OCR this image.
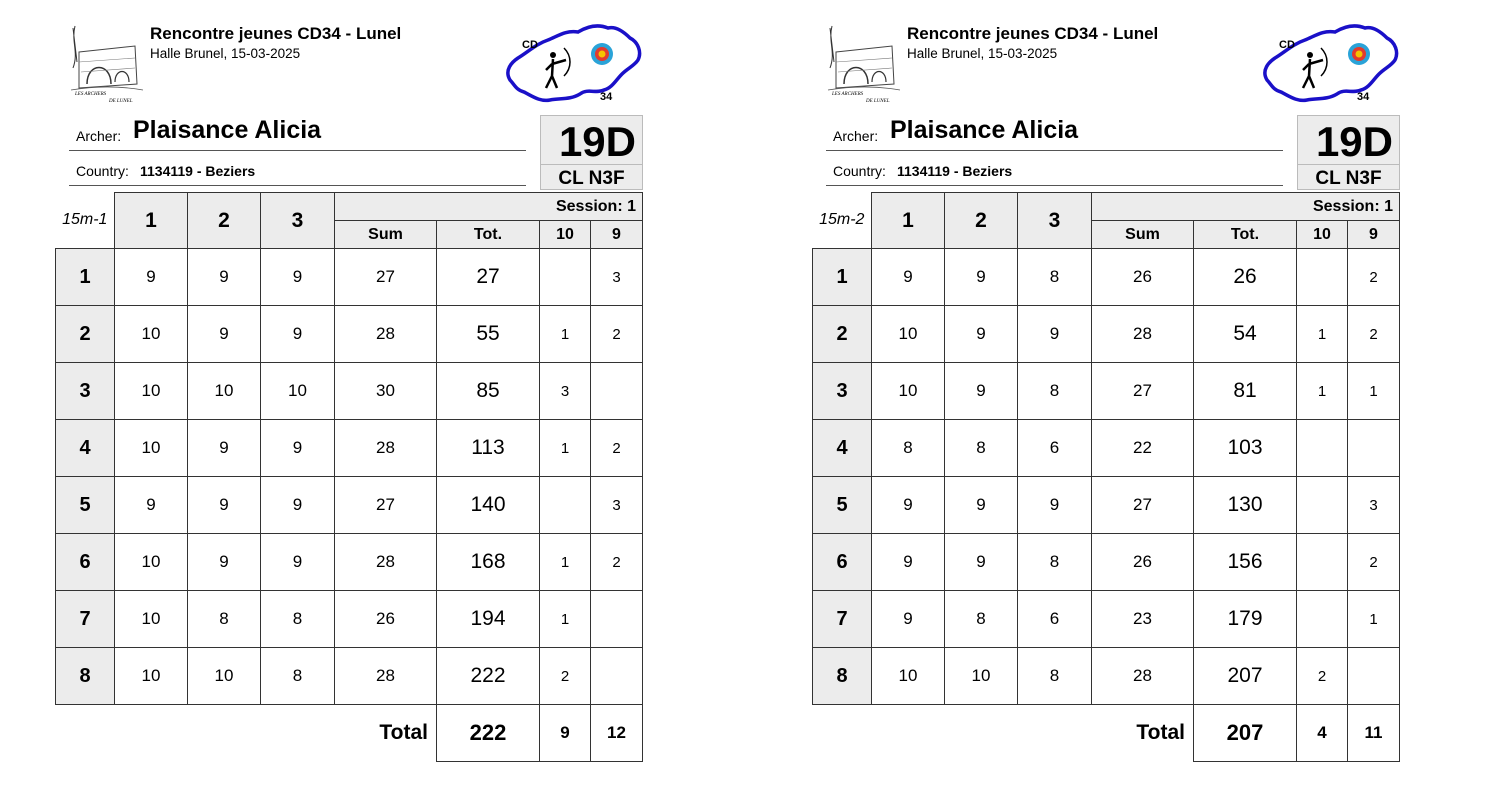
LES ARCHERS
DE LUNEL
CD
34
Rencontre jeunes CD34 - Lunel
Halle Brunel, 15-03-2025
Archer: Plaisance Alicia
Country: 1134119 - Beziers
19D
CL N3F
15m-1	1	2	3	Session: 1			
				Sum	Tot.	10	9
1	9	9	9	27	27		3
2	10	9	9	28	55	1	2
3	10	10	10	30	85	3	
4	10	9	9	28	113	1	2
5	9	9	9	27	140		3
6	10	9	9	28	168	1	2
7	10	8	8	26	194	1	
8	10	10	8	28	222	2	
			Total		222	9	12
LES ARCHERS
DE LUNEL
CD
34
Rencontre jeunes CD34 - Lunel
Halle Brunel, 15-03-2025
Archer: Plaisance Alicia
Country: 1134119 - Beziers
19D
CL N3F
15m-2	1	2	3	Session: 1			
				Sum	Tot.	10	9
1	9	9	8	26	26		2
2	10	9	9	28	54	1	2
3	10	9	8	27	81	1	1
4	8	8	6	22	103		
5	9	9	9	27	130		3
6	9	9	8	26	156		2
7	9	8	6	23	179		1
8	10	10	8	28	207	2	
			Total		207	4	11
